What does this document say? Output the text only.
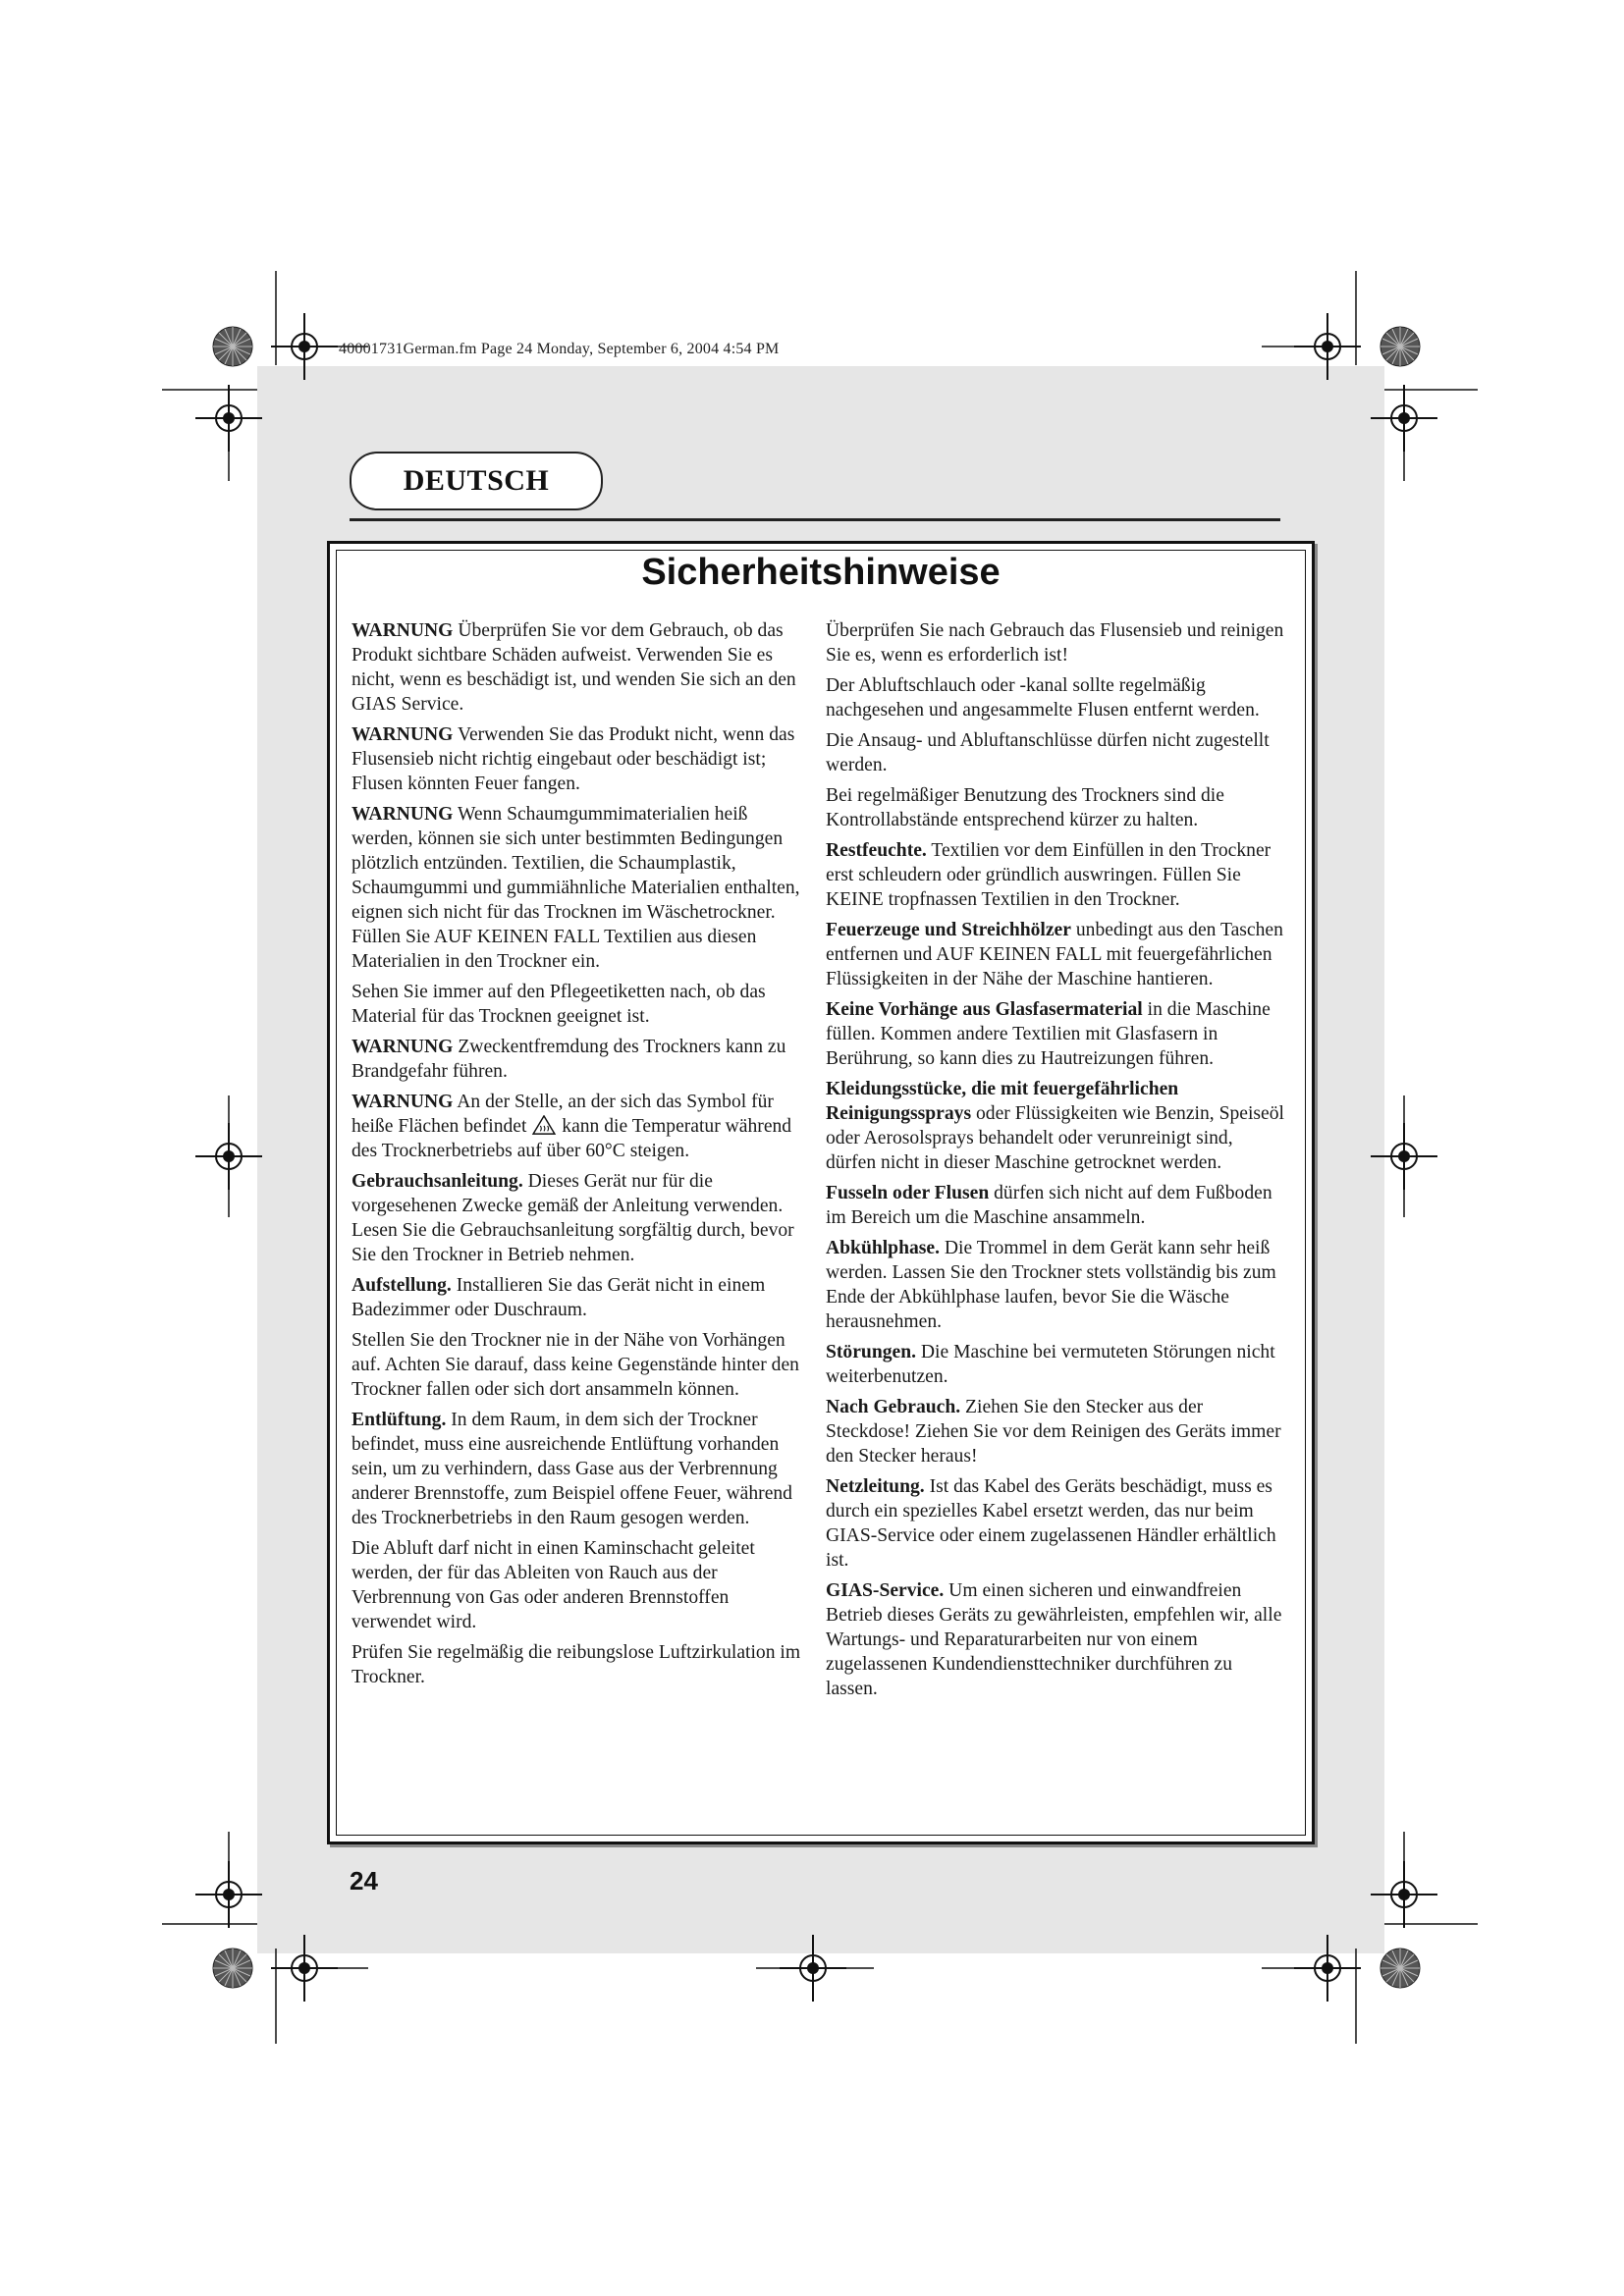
40001731German.fm Page 24 Monday, September 6, 2004 4:54 PM
DEUTSCH
Sicherheitshinweise

WARNUNG Überprüfen Sie vor dem Gebrauch, ob das Produkt sichtbare Schäden aufweist. Verwenden Sie es nicht, wenn es beschädigt ist, und wenden Sie sich an den GIAS Service.

WARNUNG Verwenden Sie das Produkt nicht, wenn das Flusensieb nicht richtig eingebaut oder beschädigt ist; Flusen könnten Feuer fangen.

WARNUNG Wenn Schaumgummimaterialien heiß werden, können sie sich unter bestimmten Bedingungen plötzlich entzünden. Textilien, die Schaumplastik, Schaumgummi und gummiähnliche Materialien enthalten, eignen sich nicht für das Trocknen im Wäschetrockner. Füllen Sie AUF KEINEN FALL Textilien aus diesen Materialien in den Trockner ein.

Sehen Sie immer auf den Pflegeetiketten nach, ob das Material für das Trocknen geeignet ist.

WARNUNG Zweckentfremdung des Trockners kann zu Brandgefahr führen.

WARNUNG An der Stelle, an der sich das Symbol für heiße Flächen befindet kann die Temperatur während des Trocknerbetriebs auf über 60°C steigen.

Gebrauchsanleitung. Dieses Gerät nur für die vorgesehenen Zwecke gemäß der Anleitung verwenden. Lesen Sie die Gebrauchsanleitung sorgfältig durch, bevor Sie den Trockner in Betrieb nehmen.

Aufstellung. Installieren Sie das Gerät nicht in einem Badezimmer oder Duschraum.

Stellen Sie den Trockner nie in der Nähe von Vorhängen auf. Achten Sie darauf, dass keine Gegenstände hinter den Trockner fallen oder sich dort ansammeln können.

Entlüftung. In dem Raum, in dem sich der Trockner befindet, muss eine ausreichende Entlüftung vorhanden sein, um zu verhindern, dass Gase aus der Verbrennung anderer Brennstoffe, zum Beispiel offene Feuer, während des Trocknerbetriebs in den Raum gesogen werden.

Die Abluft darf nicht in einen Kaminschacht geleitet werden, der für das Ableiten von Rauch aus der Verbrennung von Gas oder anderen Brennstoffen verwendet wird.

Prüfen Sie regelmäßig die reibungslose Luftzirkulation im Trockner.

Überprüfen Sie nach Gebrauch das Flusensieb und reinigen Sie es, wenn es erforderlich ist!

Der Abluftschlauch oder -kanal sollte regelmäßig nachgesehen und angesammelte Flusen entfernt werden.

Die Ansaug- und Abluftanschlüsse dürfen nicht zugestellt werden.

Bei regelmäßiger Benutzung des Trockners sind die Kontrollabstände entsprechend kürzer zu halten.

Restfeuchte. Textilien vor dem Einfüllen in den Trockner erst schleudern oder gründlich auswringen. Füllen Sie KEINE tropfnassen Textilien in den Trockner.

Feuerzeuge und Streichhölzer unbedingt aus den Taschen entfernen und AUF KEINEN FALL mit feuergefährlichen Flüssigkeiten in der Nähe der Maschine hantieren.

Keine Vorhänge aus Glasfasermaterial in die Maschine füllen. Kommen andere Textilien mit Glasfasern in Berührung, so kann dies zu Hautreizungen führen.

Kleidungsstücke, die mit feuergefährlichen Reinigungssprays oder Flüssigkeiten wie Benzin, Speiseöl oder Aerosolsprays behandelt oder verunreinigt sind, dürfen nicht in dieser Maschine getrocknet werden.

Fusseln oder Flusen dürfen sich nicht auf dem Fußboden im Bereich um die Maschine ansammeln.

Abkühlphase. Die Trommel in dem Gerät kann sehr heiß werden. Lassen Sie den Trockner stets vollständig bis zum Ende der Abkühlphase laufen, bevor Sie die Wäsche herausnehmen.

Störungen. Die Maschine bei vermuteten Störungen nicht weiterbenutzen.

Nach Gebrauch. Ziehen Sie den Stecker aus der Steckdose! Ziehen Sie vor dem Reinigen des Geräts immer den Stecker heraus!

Netzleitung. Ist das Kabel des Geräts beschädigt, muss es durch ein spezielles Kabel ersetzt werden, das nur beim GIAS-Service oder einem zugelassenen Händler erhältlich ist.

GIAS-Service. Um einen sicheren und einwandfreien Betrieb dieses Geräts zu gewährleisten, empfehlen wir, alle Wartungs- und Reparaturarbeiten nur von einem zugelassenen Kundendiensttechniker durchführen zu lassen.

24
